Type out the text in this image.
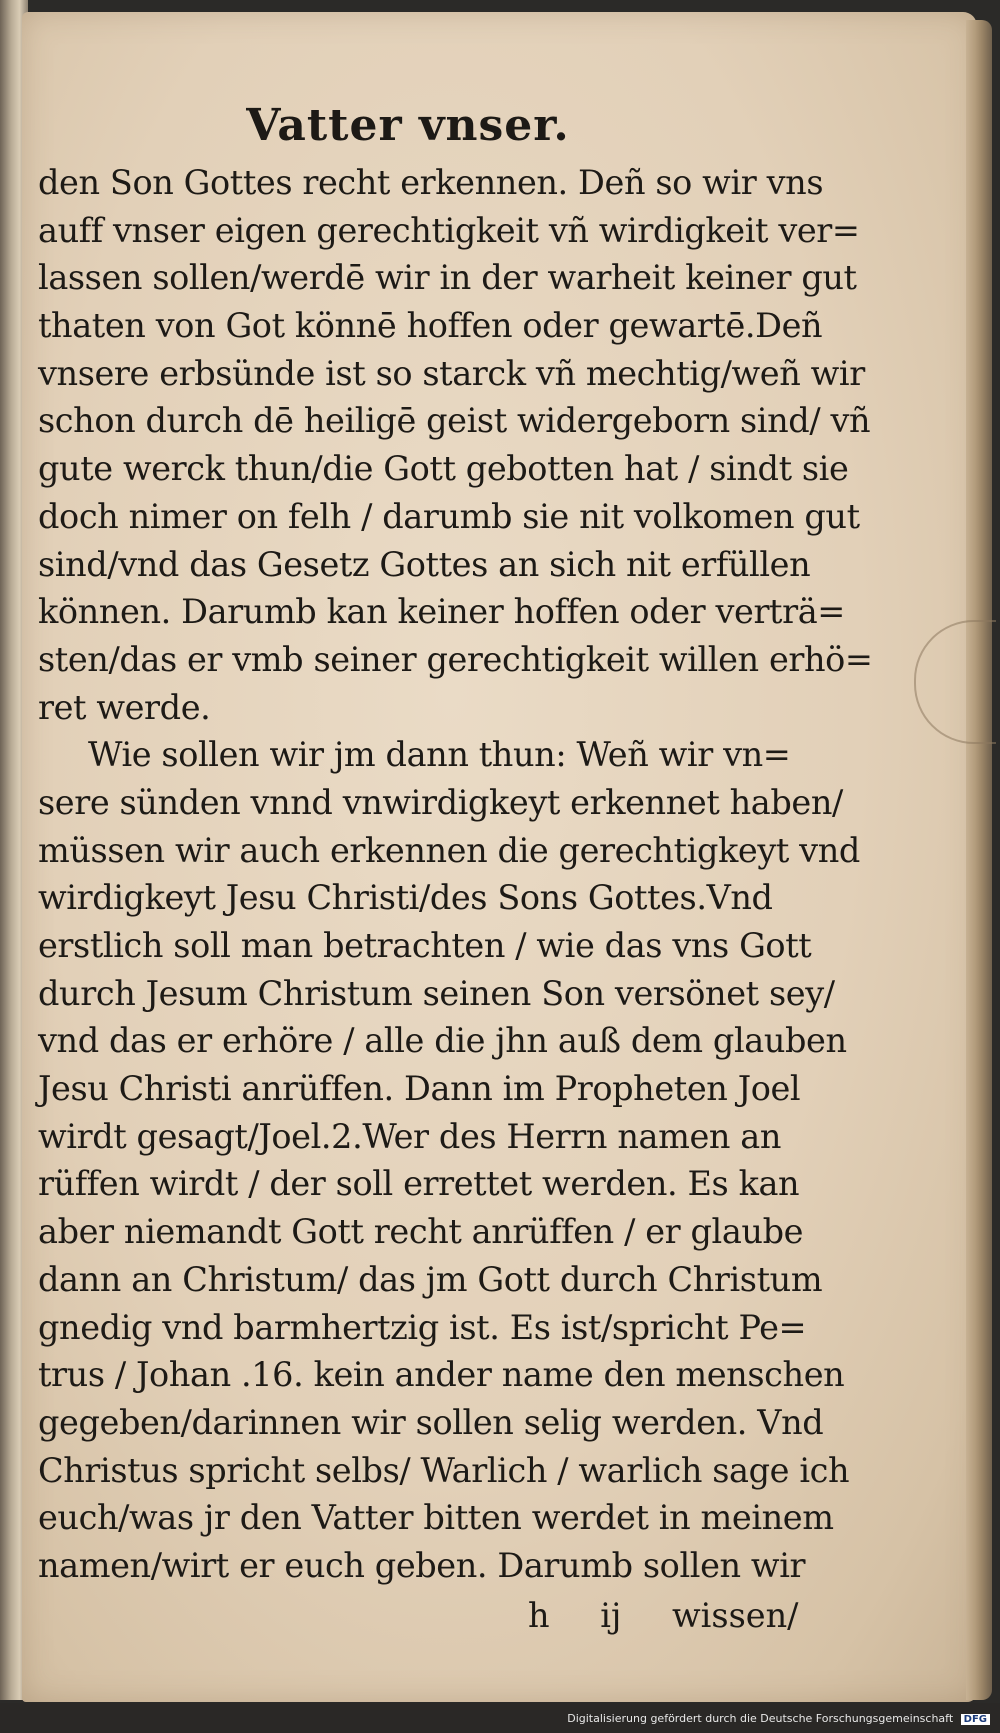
Vatter vnser.
den Son Gottes recht erkennen. Deñ so wir vns
auff vnser eigen gerechtigkeit vñ wirdigkeit ver=
lassen sollen/werdē wir in der warheit keiner gut
thaten von Got könnē hoffen oder gewartē.Deñ
vnsere erbsünde ist so starck vñ mechtig/weñ wir
schon durch dē heiligē geist widergeborn sind/ vñ
gute werck thun/die Gott gebotten hat / sindt sie
doch nimer on felh / darumb sie nit volkomen gut
sind/vnd das Gesetz Gottes an sich nit erfüllen
können. Darumb kan keiner hoffen oder verträ=
sten/das er vmb seiner gerechtigkeit willen erhö=
ret werde.
Wie sollen wir jm dann thun: Weñ wir vn=
sere sünden vnnd vnwirdigkeyt erkennet haben/
müssen wir auch erkennen die gerechtigkeyt vnd
wirdigkeyt Jesu Christi/des Sons Gottes.Vnd
erstlich soll man betrachten / wie das vns Gott
durch Jesum Christum seinen Son versönet sey/
vnd das er erhöre / alle die jhn auß dem glauben
Jesu Christi anrüffen. Dann im Propheten Joel
wirdt gesagt/Joel.2.Wer des Herrn namen an
rüffen wirdt / der soll errettet werden. Es kan
aber niemandt Gott recht anrüffen / er glaube
dann an Christum/ das jm Gott durch Christum
gnedig vnd barmhertzig ist. Es ist/spricht Pe=
trus / Johan .16. kein ander name den menschen
gegeben/darinnen wir sollen selig werden. Vnd
Christus spricht selbs/ Warlich / warlich sage ich
euch/was jr den Vatter bitten werdet in meinem
namen/wirt er euch geben. Darumb sollen wir
h ij wissen/
Digitalisierung gefördert durch die Deutsche Forschungsgemeinschaft DFG
